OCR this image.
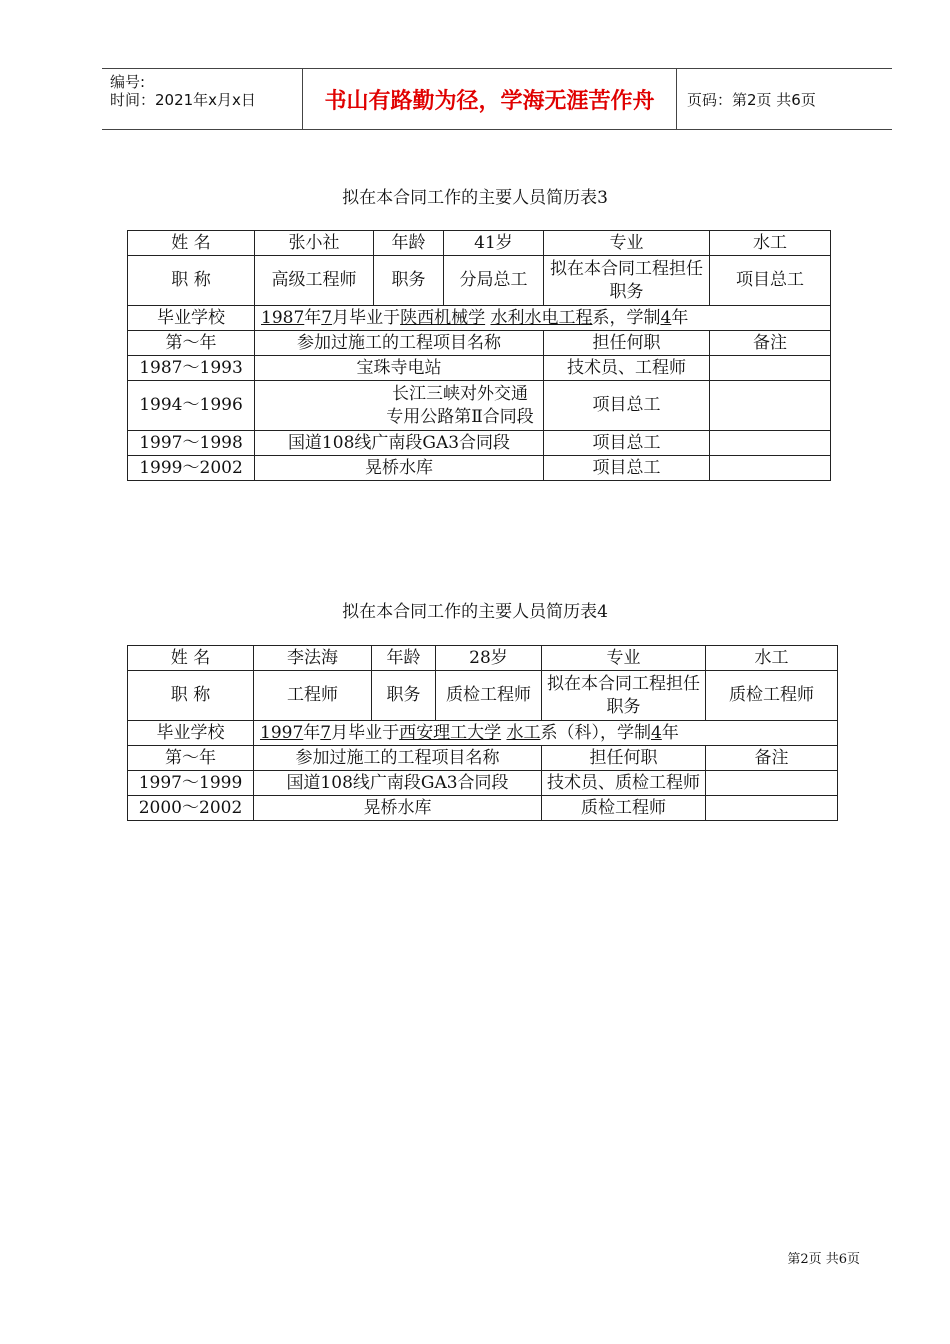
编号:
时间：2021年x月x日	书山有路勤为径，学海无涯苦作舟	页码：第2页 共6页
拟在本合同工作的主要人员简历表3
姓 名	张小社	年龄	41岁	专业	水工
职 称	高级工程师	职务	分局总工	拟在本合同工程担任职务	项目总工
毕业学校	1987年7月毕业于陕西机械学 水利水电工程系，学制4年				
第～年	参加过施工的工程项目名称			担任何职	备注
1987～1993	宝珠寺电站			技术员、工程师	
1994～1996	长江三峡对外交通专用公路第Ⅱ合同段			项目总工	
1997～1998	国道108线广南段GA3合同段			项目总工	
1999～2002	晃桥水库			项目总工	
拟在本合同工作的主要人员简历表4
姓 名	李法海	年龄	28岁	专业	水工
职 称	工程师	职务	质检工程师	拟在本合同工程担任职务	质检工程师
毕业学校	1997年7月毕业于西安理工大学 水工系（科），学制4年				
第～年	参加过施工的工程项目名称			担任何职	备注
1997～1999	国道108线广南段GA3合同段			技术员、质检工程师	
2000～2002	晃桥水库			质检工程师	
第2页 共6页
